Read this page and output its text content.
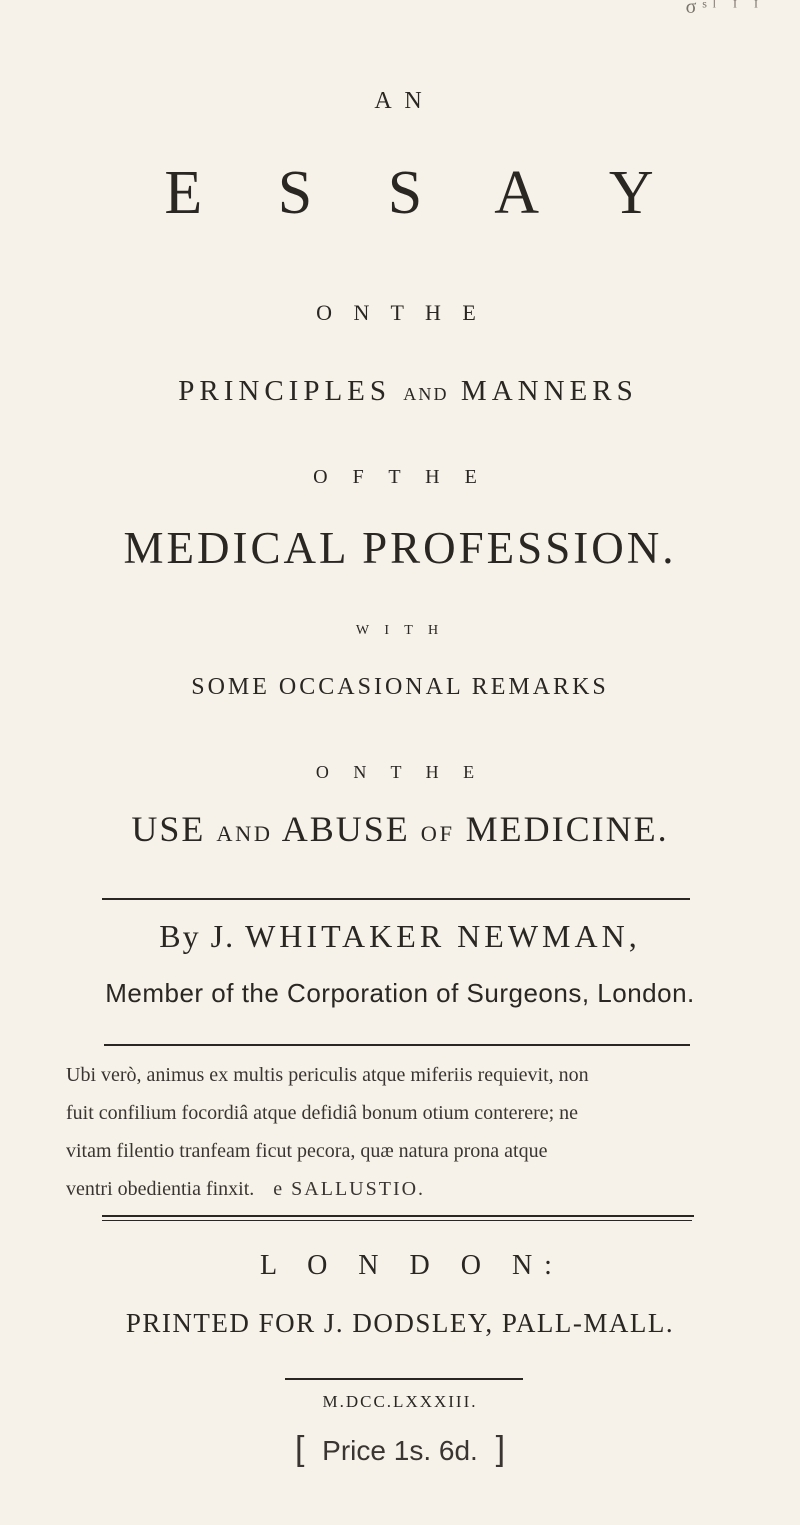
σˢˡ ᴵ ᴵ
A N
E S S A Y
O N T H E
PRINCIPLES AND MANNERS
O F T H E
MEDICAL PROFESSION.
W I T H
SOME OCCASIONAL REMARKS
O N T H E
USE AND ABUSE OF MEDICINE.
By J. WHITAKER NEWMAN,
Member of the Corporation of Surgeons, London.
Ubi verò, animus ex multis periculis atque miferiis requievit, non
fuit confilium focordiâ atque defidiâ bonum otium conterere; ne
vitam filentio tranfeam ficut pecora, quæ natura prona atque
ventri obedientia finxit. e SALLUSTIO.
L O N D O N:
PRINTED FOR J. DODSLEY, PALL-MALL.
M.DCC.LXXXIII.
[ Price 1s. 6d. ]
